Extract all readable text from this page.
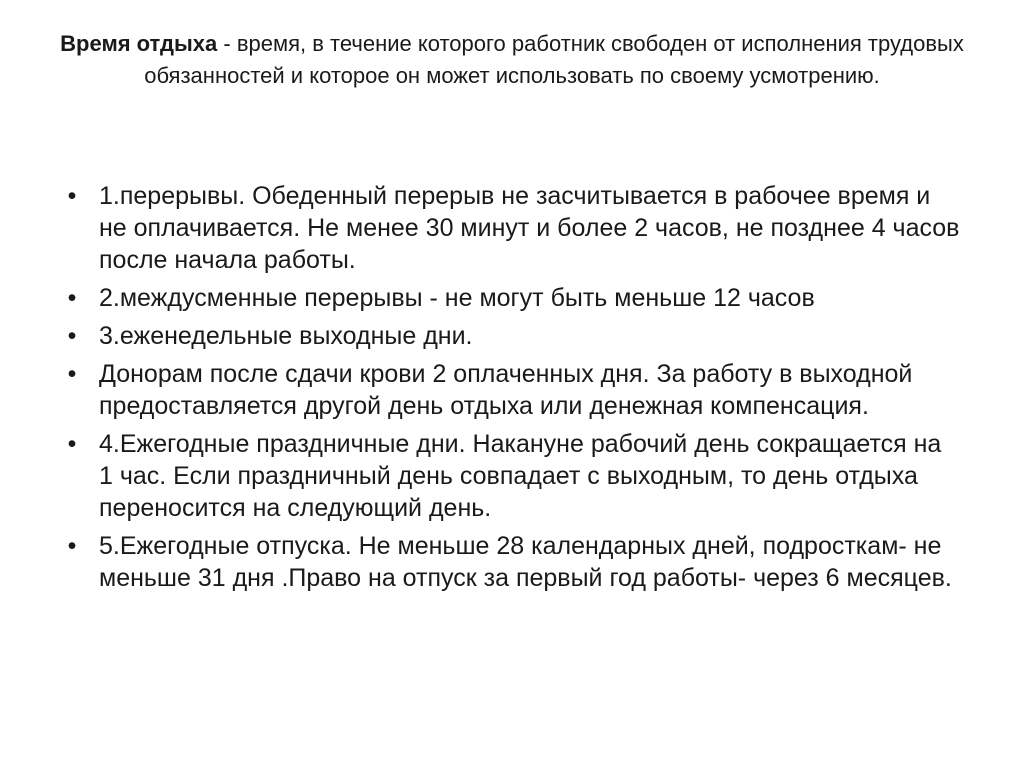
Время отдыха - время, в течение которого работник свободен от исполнения трудовых обязанностей и которое он может использовать по своему усмотрению.
• 1.перерывы. Обеденный перерыв не засчитывается в рабочее время и не оплачивается. Не менее 30 минут и более 2 часов, не позднее 4 часов после начала работы.
• 2.междусменные перерывы - не могут быть меньше 12 часов
• 3.еженедельные выходные дни.
• Донорам после сдачи крови 2 оплаченных дня. За работу в выходной предоставляется другой день отдыха или денежная компенсация.
• 4.Ежегодные праздничные дни. Накануне рабочий день сокращается на 1 час. Если праздничный день совпадает с выходным, то день отдыха переносится на следующий день.
• 5.Ежегодные отпуска. Не меньше 28 календарных дней, подросткам- не меньше 31 дня .Право на отпуск за первый год работы- через 6 месяцев.
